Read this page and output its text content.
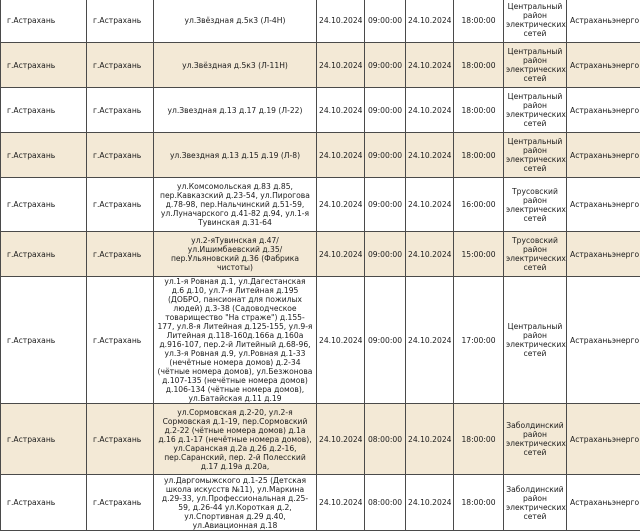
г.Астрахань	г.Астрахань	ул.Звёздная д.5к3 (Л-4Н)	24.10.2024	09:00:00	24.10.2024	18:00:00	Центральный район электрических сетей	Астраханьэнерго
г.Астрахань	г.Астрахань	ул.Звёздная д.5к3 (Л-11Н)	24.10.2024	09:00:00	24.10.2024	18:00:00	Центральный район электрических сетей	Астраханьэнерго
г.Астрахань	г.Астрахань	ул.Звездная д.13 д.17 д.19 (Л-22)	24.10.2024	09:00:00	24.10.2024	18:00:00	Центральный район электрических сетей	Астраханьэнерго
г.Астрахань	г.Астрахань	ул.Звездная д.13 д.15 д.19 (Л-8)	24.10.2024	09:00:00	24.10.2024	18:00:00	Центральный район электрических сетей	Астраханьэнерго
г.Астрахань	г.Астрахань	ул.Комсомольская д.83 д.85, пер.Кавказский д.23-54, ул.Пирогова д.78-98, пер.Нальчинский д.51-59, ул.Луначарского д.41-82 д.94, ул.1-я Тувинская д.31-64	24.10.2024	09:00:00	24.10.2024	16:00:00	Трусовский район электрических сетей	Астраханьэнерго
г.Астрахань	г.Астрахань	ул.2-яТувинская д.47/ ул.Ишимбаевский д.35/ пер.Ульяновский д.36 (Фабрика чистоты)	24.10.2024	09:00:00	24.10.2024	15:00:00	Трусовский район электрических сетей	Астраханьэнерго
г.Астрахань	г.Астрахань	ул.1-я Ровная д.1, ул.Дагестанская д.6 д.10, ул.7-я Литейная д.195 (ДОБРО, пансионат для пожилых людей) д.3-38 (Садоводческое товарищество "На страже") д.155-177, ул.8-я Литейная д.125-155, ул.9-я Литейная д.118-160д.166а д.160а д.916-107, пер.2-й Литейный д.68-96, ул.3-я Ровная д.9, ул.Ровная д.1-33 (нечётные номера домов) д.2-34 (чётные номера домов), ул.Безжонова д.107-135 (нечётные номера домов) д.106-134 (чётные номера домов), ул.Батайская д.11 д.19	24.10.2024	09:00:00	24.10.2024	17:00:00	Центральный район электрических сетей	Астраханьэнерго
г.Астрахань	г.Астрахань	ул.Сормовская д.2-20, ул.2-я Сормовская д.1-19, пер.Сормовский д.2-22 (чётные номера домов) д.1а д.16 д.1-17 (нечётные номера домов), ул.Саранская д.2а д.26 д.2-16, пер.Саранский, пер. 2-й Полесский д.17 д.19а д.20а,	24.10.2024	08:00:00	24.10.2024	18:00:00	Заболдинский район электрических сетей	Астраханьэнерго
г.Астрахань	г.Астрахань	ул.Даргомыжского д.1-25 (Детская школа искусств №11), ул.Маркина д.29-33, ул.Профессиональная д.25-59, д.26-44 ул.Короткая д.2, ул.Спортивная д.29 д.40, ул.Авиационная д.18	24.10.2024	08:00:00	24.10.2024	18:00:00	Заболдинский район электрических сетей	Астраханьэнерго
